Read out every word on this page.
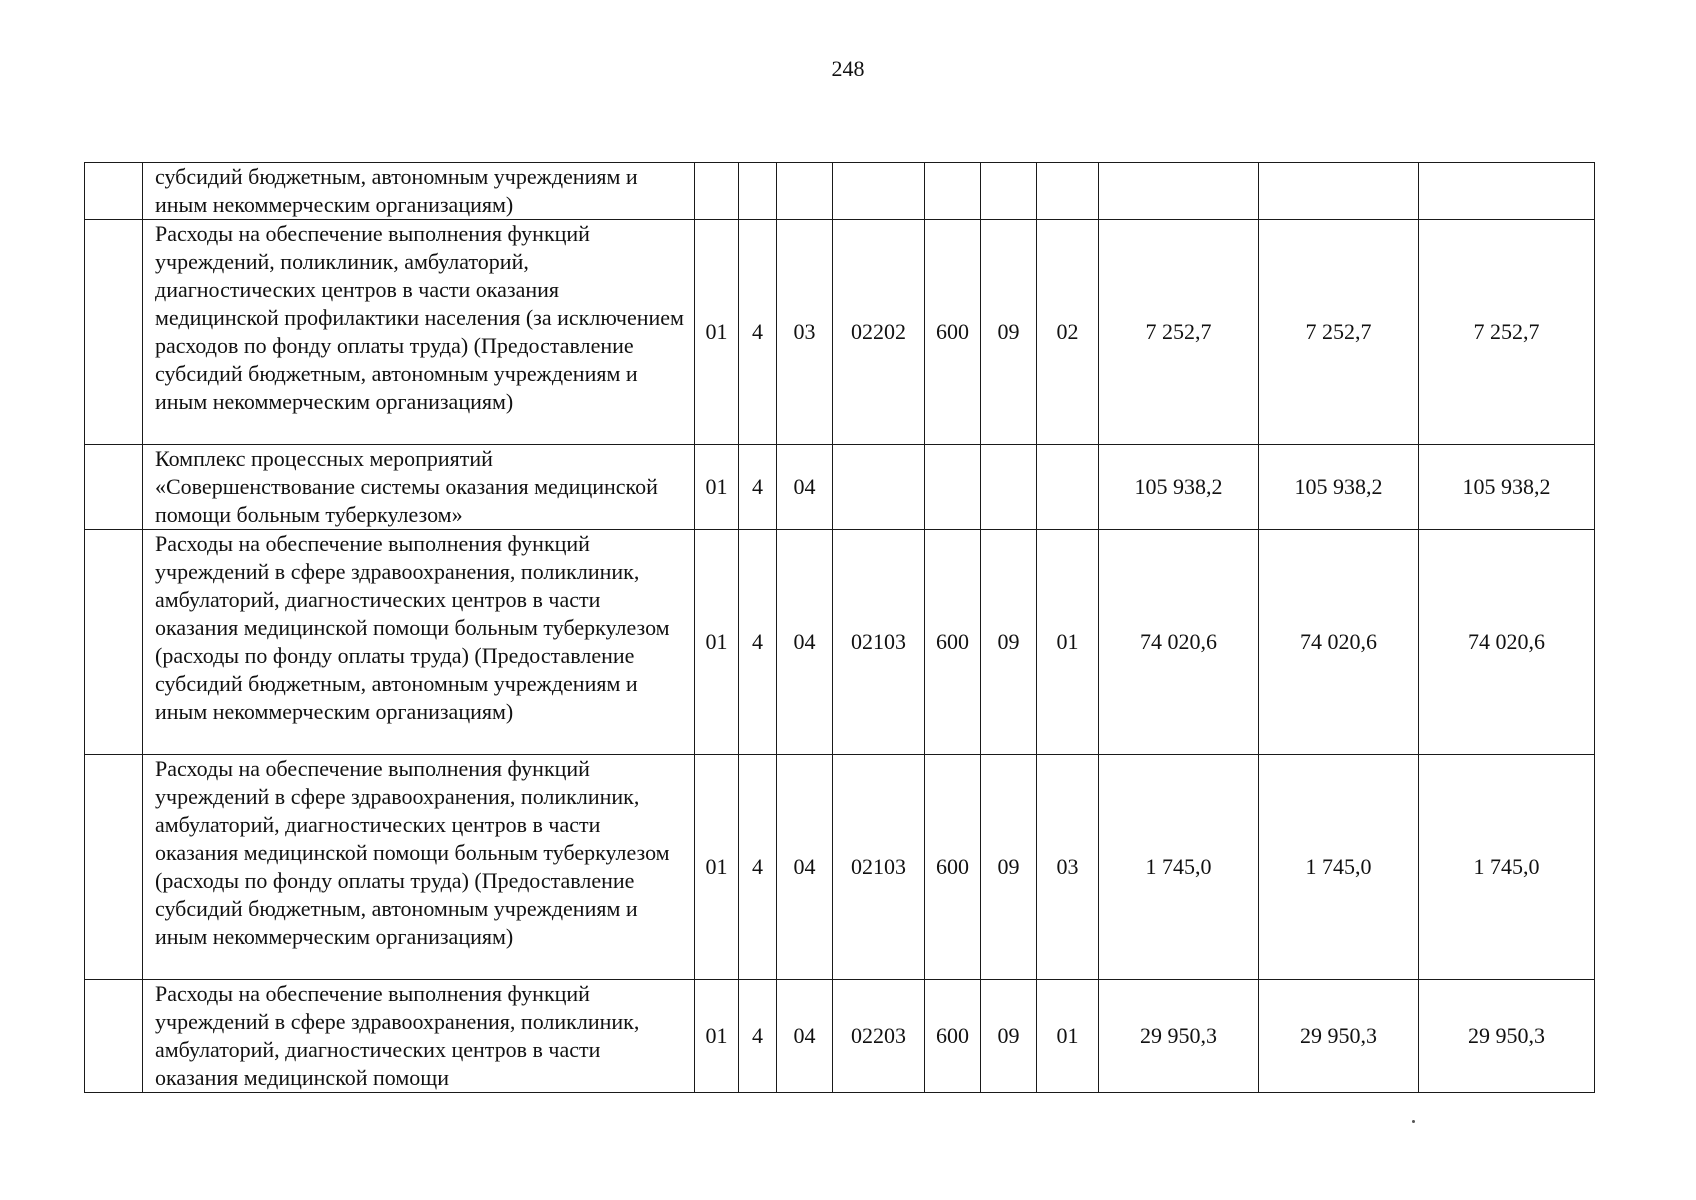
248
	субсидий бюджетным, автономным учреждениям и иным некоммерческим организациям)										
	Расходы на обеспечение выполнения функций учреждений, поликлиник, амбулаторий, диагностических центров в части оказания медицинской профилактики населения (за исключением расходов по фонду оплаты труда) (Предоставление субсидий бюджетным, автономным учреждениям и иным некоммерческим организациям)	01	4	03	02202	600	09	02	7 252,7	7 252,7	7 252,7
	Комплекс процессных мероприятий «Совершенствование системы оказания медицинской помощи больным туберкулезом»	01	4	04					105 938,2	105 938,2	105 938,2
	Расходы на обеспечение выполнения функций учреждений в сфере здравоохранения, поликлиник, амбулаторий, диагностических центров в части оказания медицинской помощи больным туберкулезом (расходы по фонду оплаты труда) (Предоставление субсидий бюджетным, автономным учреждениям и иным некоммерческим организациям)	01	4	04	02103	600	09	01	74 020,6	74 020,6	74 020,6
	Расходы на обеспечение выполнения функций учреждений в сфере здравоохранения, поликлиник, амбулаторий, диагностических центров в части оказания медицинской помощи больным туберкулезом (расходы по фонду оплаты труда) (Предоставление субсидий бюджетным, автономным учреждениям и иным некоммерческим организациям)	01	4	04	02103	600	09	03	1 745,0	1 745,0	1 745,0
	Расходы на обеспечение выполнения функций учреждений в сфере здравоохранения, поликлиник, амбулаторий, диагностических центров в части оказания медицинской помощи	01	4	04	02203	600	09	01	29 950,3	29 950,3	29 950,3
